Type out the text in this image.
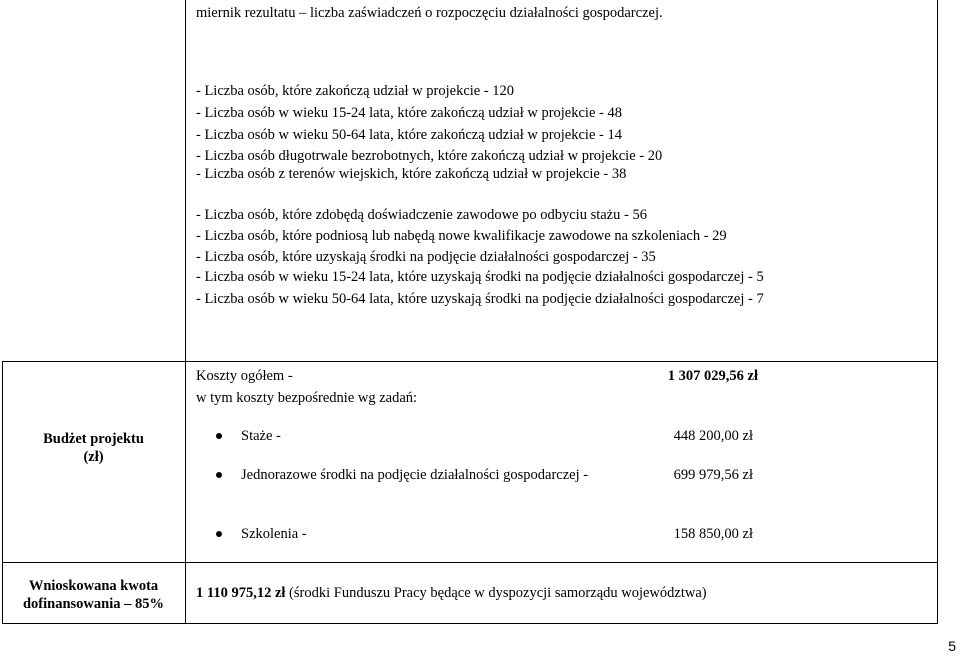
miernik rezultatu – liczba zaświadczeń o rozpoczęciu działalności gospodarczej.
- Liczba osób, które zakończą udział w projekcie - 120
- Liczba osób w wieku 15-24 lata, które zakończą udział w projekcie - 48
- Liczba osób w wieku 50-64 lata, które zakończą udział w projekcie - 14
- Liczba osób długotrwale bezrobotnych, które zakończą udział w projekcie - 20
- Liczba osób z terenów wiejskich, które zakończą udział w projekcie - 38
- Liczba osób, które zdobędą doświadczenie zawodowe po odbyciu stażu - 56
- Liczba osób, które podniosą lub nabędą nowe kwalifikacje zawodowe na szkoleniach - 29
- Liczba osób, które uzyskają środki na podjęcie działalności gospodarczej - 35
- Liczba osób w wieku 15-24 lata, które uzyskają środki na podjęcie działalności gospodarczej - 5
- Liczba osób w wieku 50-64 lata, które uzyskają środki na podjęcie działalności gospodarczej - 7
Budżet projektu
(zł)
Koszty ogółem -	1 307 029,56 zł
w tym koszty bezpośrednie wg zadań:
Staże -	448 200,00 zł
Jednorazowe środki na podjęcie działalności gospodarczej -	699 979,56 zł
Szkolenia -	158 850,00 zł
Wnioskowana kwota
dofinansowania – 85%
1 110 975,12 zł (środki Funduszu Pracy będące w dyspozycji samorządu województwa)
5
